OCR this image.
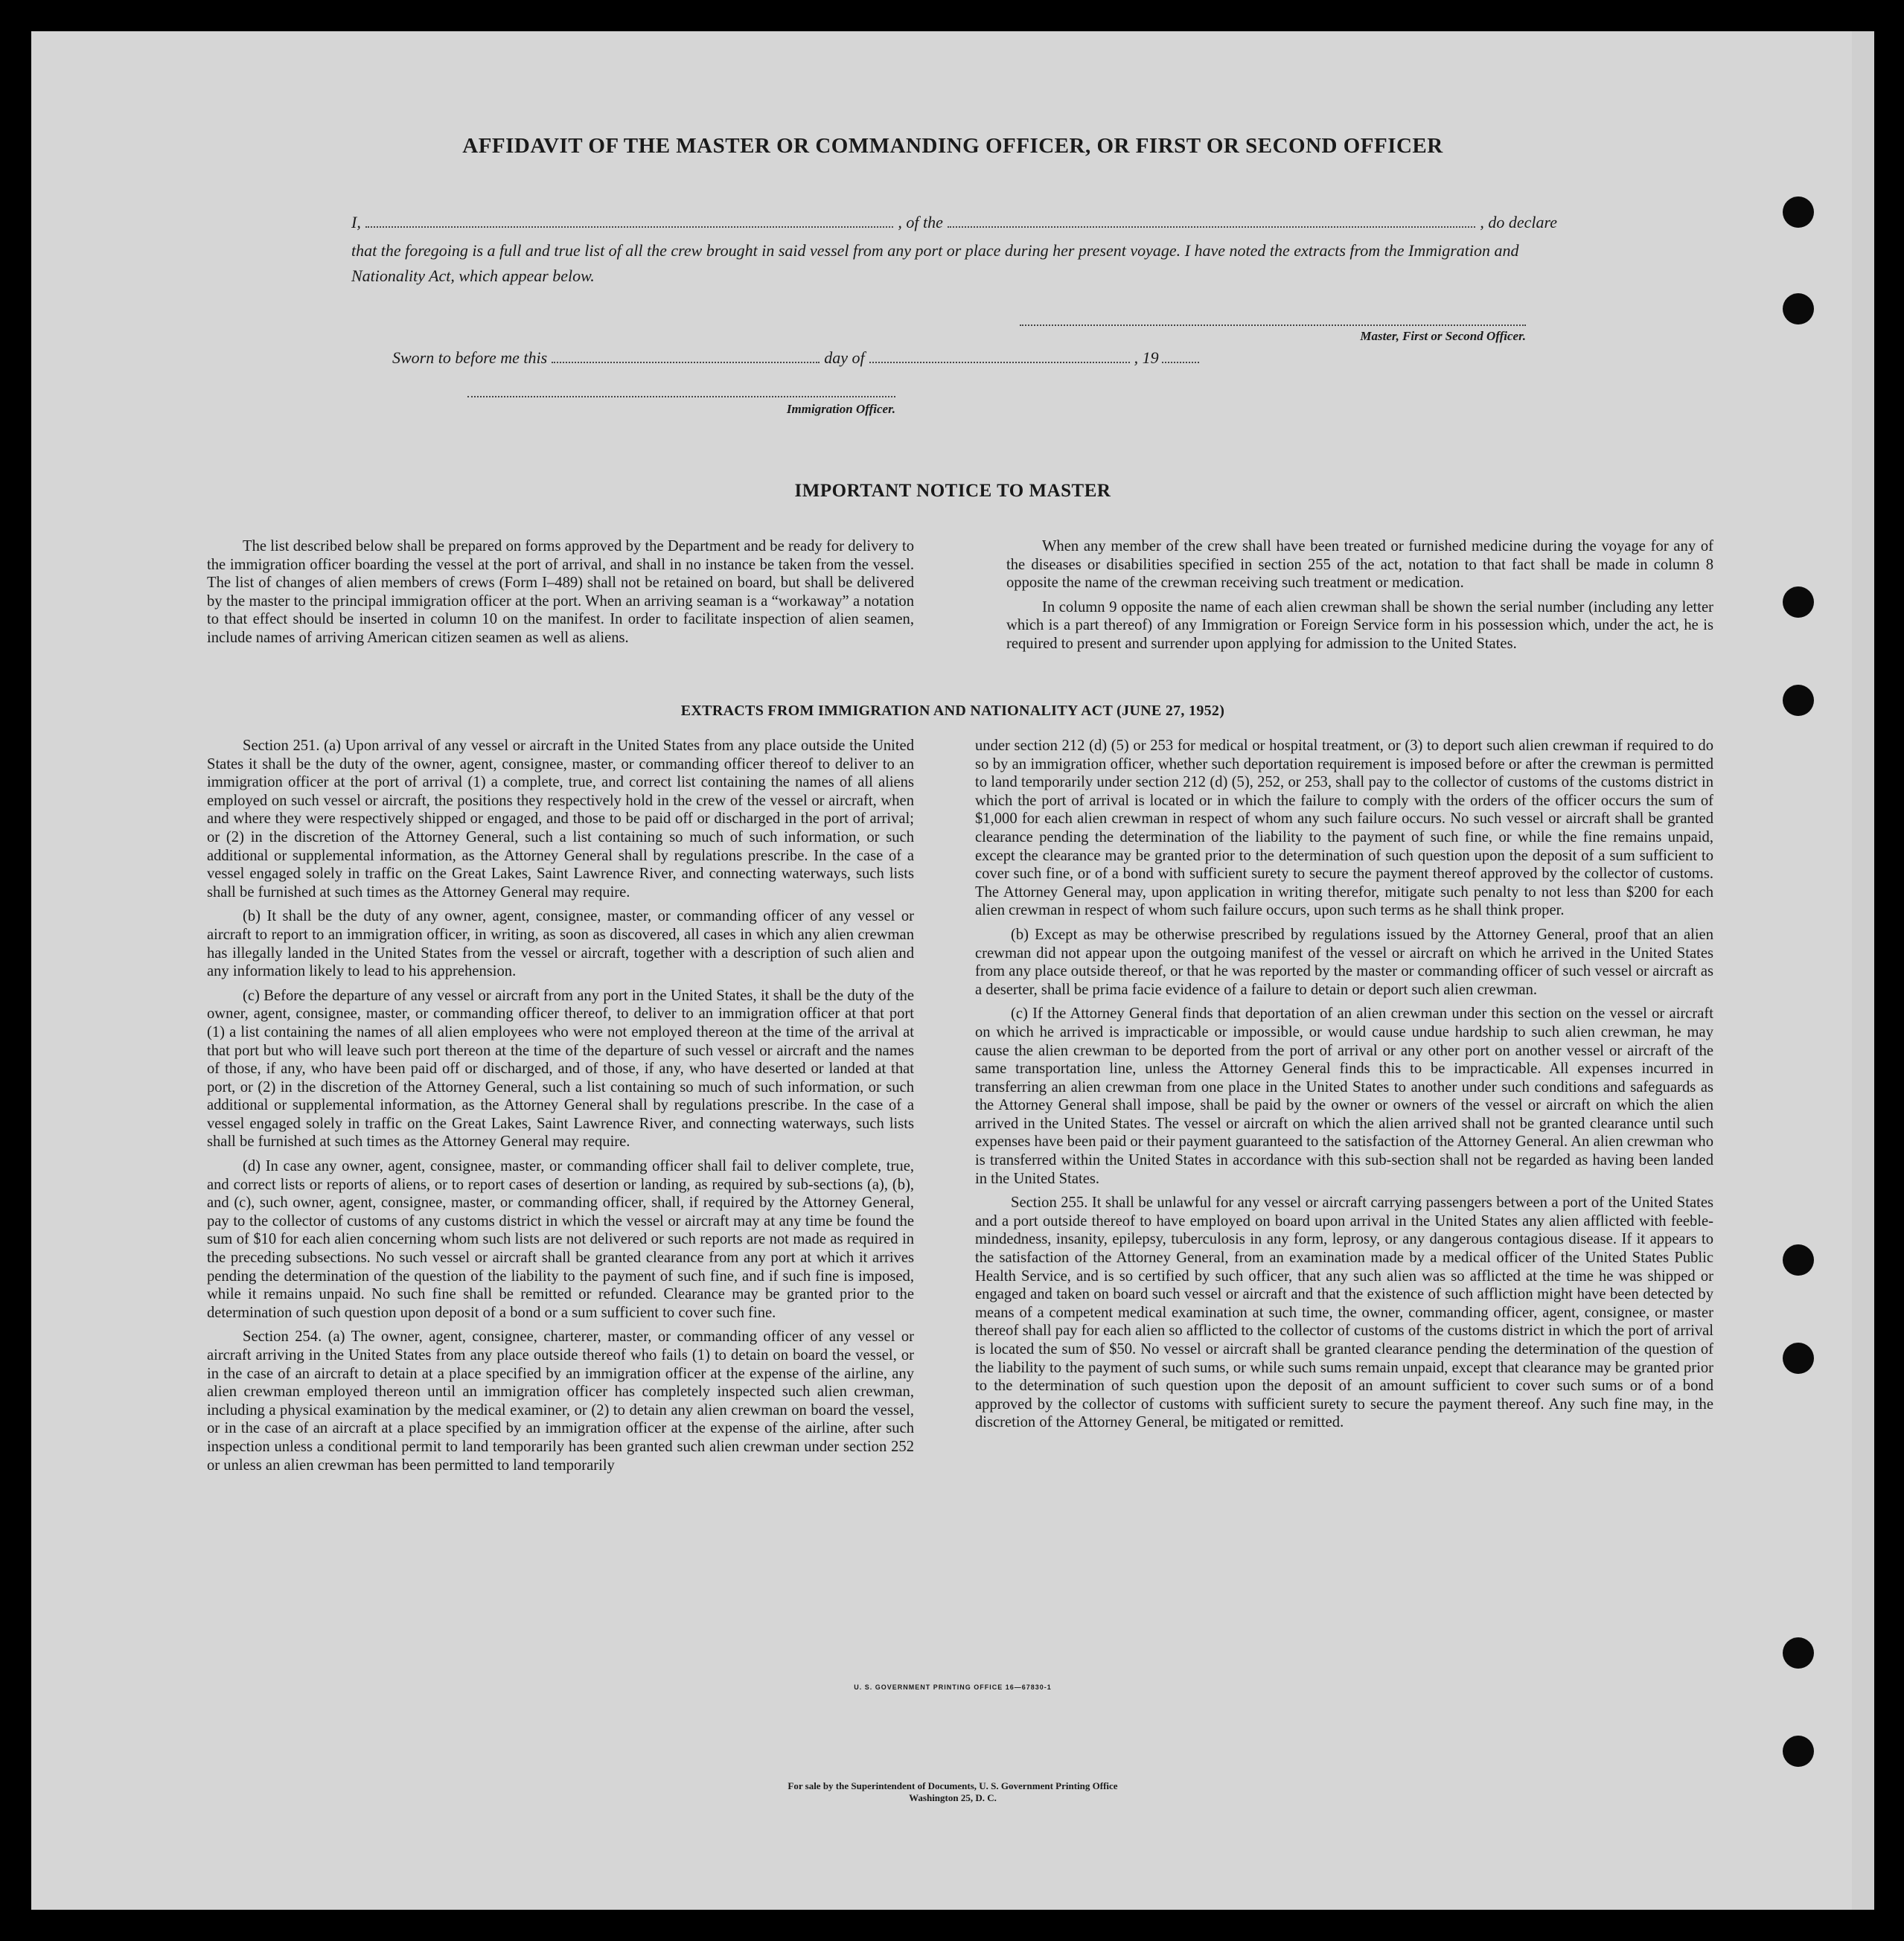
AFFIDAVIT OF THE MASTER OR COMMANDING OFFICER, OR FIRST OR SECOND OFFICER
I,	, of the	, do declare
that the foregoing is a full and true list of all the crew brought in said vessel from any port or place during her present voyage. I have noted the extracts from the Immigration and Nationality Act, which appear below.
Master, First or Second Officer.
Sworn to before me this	day of	, 19
Immigration Officer.
IMPORTANT NOTICE TO MASTER

The list described below shall be prepared on forms approved by the Department and be ready for delivery to the immigration officer boarding the vessel at the port of arrival, and shall in no instance be taken from the vessel. The list of changes of alien members of crews (Form I–489) shall not be retained on board, but shall be delivered by the master to the principal immigration officer at the port. When an arriving seaman is a “workaway” a notation to that effect should be inserted in column 10 on the manifest. In order to facilitate inspection of alien seamen, include names of arriving American citizen seamen as well as aliens.

When any member of the crew shall have been treated or furnished medicine during the voyage for any of the diseases or disabilities specified in section 255 of the act, notation to that fact shall be made in column 8 opposite the name of the crewman receiving such treatment or medication.

In column 9 opposite the name of each alien crewman shall be shown the serial number (including any letter which is a part thereof) of any Immigration or Foreign Service form in his possession which, under the act, he is required to present and surrender upon applying for admission to the United States.

EXTRACTS FROM IMMIGRATION AND NATIONALITY ACT (JUNE 27, 1952)

Section 251. (a) Upon arrival of any vessel or aircraft in the United States from any place outside the United States it shall be the duty of the owner, agent, consignee, master, or commanding officer thereof to deliver to an immigration officer at the port of arrival (1) a complete, true, and correct list containing the names of all aliens employed on such vessel or aircraft, the positions they respectively hold in the crew of the vessel or aircraft, when and where they were respectively shipped or engaged, and those to be paid off or discharged in the port of arrival; or (2) in the discretion of the Attorney General, such a list containing so much of such information, or such additional or supplemental information, as the Attorney General shall by regulations prescribe. In the case of a vessel engaged solely in traffic on the Great Lakes, Saint Lawrence River, and connecting waterways, such lists shall be furnished at such times as the Attorney General may require.

(b) It shall be the duty of any owner, agent, consignee, master, or commanding officer of any vessel or aircraft to report to an immigration officer, in writing, as soon as discovered, all cases in which any alien crewman has illegally landed in the United States from the vessel or aircraft, together with a description of such alien and any information likely to lead to his apprehension.

(c) Before the departure of any vessel or aircraft from any port in the United States, it shall be the duty of the owner, agent, consignee, master, or commanding officer thereof, to deliver to an immigration officer at that port (1) a list containing the names of all alien employees who were not employed thereon at the time of the arrival at that port but who will leave such port thereon at the time of the departure of such vessel or aircraft and the names of those, if any, who have been paid off or discharged, and of those, if any, who have deserted or landed at that port, or (2) in the discretion of the Attorney General, such a list containing so much of such information, or such additional or supplemental information, as the Attorney General shall by regulations prescribe. In the case of a vessel engaged solely in traffic on the Great Lakes, Saint Lawrence River, and connecting waterways, such lists shall be furnished at such times as the Attorney General may require.

(d) In case any owner, agent, consignee, master, or commanding officer shall fail to deliver complete, true, and correct lists or reports of aliens, or to report cases of desertion or landing, as required by sub-sections (a), (b), and (c), such owner, agent, consignee, master, or commanding officer, shall, if required by the Attorney General, pay to the collector of customs of any customs district in which the vessel or aircraft may at any time be found the sum of $10 for each alien concerning whom such lists are not delivered or such reports are not made as required in the preceding subsections. No such vessel or aircraft shall be granted clearance from any port at which it arrives pending the determination of the question of the liability to the payment of such fine, and if such fine is imposed, while it remains unpaid. No such fine shall be remitted or refunded. Clearance may be granted prior to the determination of such question upon deposit of a bond or a sum sufficient to cover such fine.

Section 254. (a) The owner, agent, consignee, charterer, master, or commanding officer of any vessel or aircraft arriving in the United States from any place outside thereof who fails (1) to detain on board the vessel, or in the case of an aircraft to detain at a place specified by an immigration officer at the expense of the airline, any alien crewman employed thereon until an immigration officer has completely inspected such alien crewman, including a physical examination by the medical examiner, or (2) to detain any alien crewman on board the vessel, or in the case of an aircraft at a place specified by an immigration officer at the expense of the airline, after such inspection unless a conditional permit to land temporarily has been granted such alien crewman under section 252 or unless an alien crewman has been permitted to land temporarily

under section 212 (d) (5) or 253 for medical or hospital treatment, or (3) to deport such alien crewman if required to do so by an immigration officer, whether such deportation requirement is imposed before or after the crewman is permitted to land temporarily under section 212 (d) (5), 252, or 253, shall pay to the collector of customs of the customs district in which the port of arrival is located or in which the failure to comply with the orders of the officer occurs the sum of $1,000 for each alien crewman in respect of whom any such failure occurs. No such vessel or aircraft shall be granted clearance pending the determination of the liability to the payment of such fine, or while the fine remains unpaid, except the clearance may be granted prior to the determination of such question upon the deposit of a sum sufficient to cover such fine, or of a bond with sufficient surety to secure the payment thereof approved by the collector of customs. The Attorney General may, upon application in writing therefor, mitigate such penalty to not less than $200 for each alien crewman in respect of whom such failure occurs, upon such terms as he shall think proper.

(b) Except as may be otherwise prescribed by regulations issued by the Attorney General, proof that an alien crewman did not appear upon the outgoing manifest of the vessel or aircraft on which he arrived in the United States from any place outside thereof, or that he was reported by the master or commanding officer of such vessel or aircraft as a deserter, shall be prima facie evidence of a failure to detain or deport such alien crewman.

(c) If the Attorney General finds that deportation of an alien crewman under this section on the vessel or aircraft on which he arrived is impracticable or impossible, or would cause undue hardship to such alien crewman, he may cause the alien crewman to be deported from the port of arrival or any other port on another vessel or aircraft of the same transportation line, unless the Attorney General finds this to be impracticable. All expenses incurred in transferring an alien crewman from one place in the United States to another under such conditions and safeguards as the Attorney General shall impose, shall be paid by the owner or owners of the vessel or aircraft on which the alien arrived in the United States. The vessel or aircraft on which the alien arrived shall not be granted clearance until such expenses have been paid or their payment guaranteed to the satisfaction of the Attorney General. An alien crewman who is transferred within the United States in accordance with this sub-section shall not be regarded as having been landed in the United States.

Section 255. It shall be unlawful for any vessel or aircraft carrying passengers between a port of the United States and a port outside thereof to have employed on board upon arrival in the United States any alien afflicted with feeble-mindedness, insanity, epilepsy, tuberculosis in any form, leprosy, or any dangerous contagious disease. If it appears to the satisfaction of the Attorney General, from an examination made by a medical officer of the United States Public Health Service, and is so certified by such officer, that any such alien was so afflicted at the time he was shipped or engaged and taken on board such vessel or aircraft and that the existence of such affliction might have been detected by means of a competent medical examination at such time, the owner, commanding officer, agent, consignee, or master thereof shall pay for each alien so afflicted to the collector of customs of the customs district in which the port of arrival is located the sum of $50. No vessel or aircraft shall be granted clearance pending the determination of the question of the liability to the payment of such sums, or while such sums remain unpaid, except that clearance may be granted prior to the determination of such question upon the deposit of an amount sufficient to cover such sums or of a bond approved by the collector of customs with sufficient surety to secure the payment thereof. Any such fine may, in the discretion of the Attorney General, be mitigated or remitted.

U. S. GOVERNMENT PRINTING OFFICE 16—67830-1
For sale by the Superintendent of Documents, U. S. Government Printing Office
Washington 25, D. C.
